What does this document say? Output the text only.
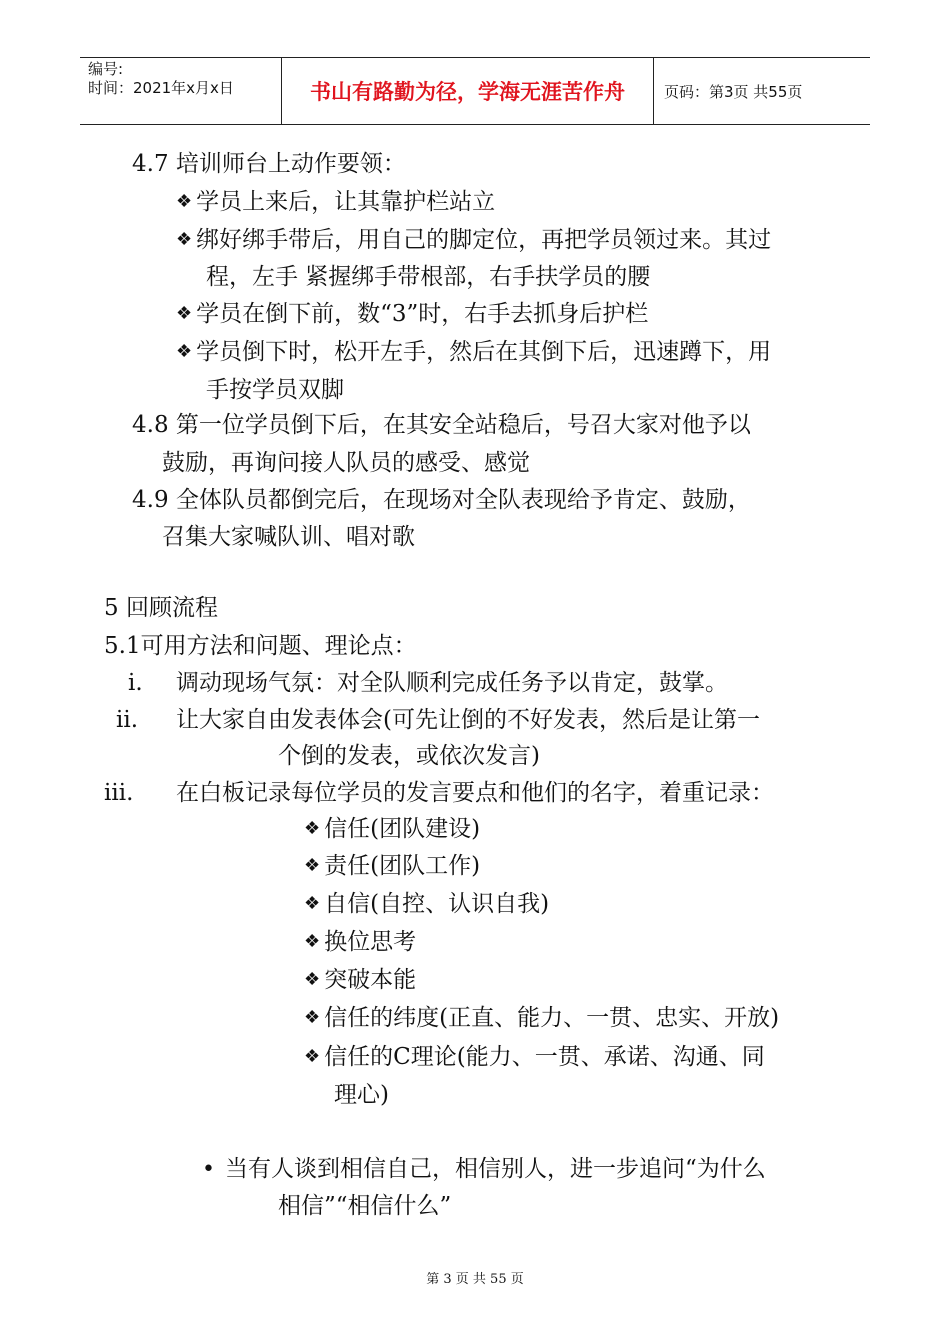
编号:
时间：2021年x月x日	书山有路勤为径，学海无涯苦作舟	页码：第3页 共55页
4.7 培训师台上动作要领：
❖ 学员上来后，让其靠护栏站立
❖ 绑好绑手带后，用自己的脚定位，再把学员领过来。其过
程，左手 紧握绑手带根部，右手扶学员的腰
❖ 学员在倒下前，数“3”时，右手去抓身后护栏
❖ 学员倒下时，松开左手，然后在其倒下后，迅速蹲下，用
手按学员双脚
4.8 第一位学员倒下后，在其安全站稳后，号召大家对他予以
鼓励，再询问接人队员的感受、感觉
4.9 全体队员都倒完后，在现场对全队表现给予肯定、鼓励，
召集大家喊队训、唱对歌
5 回顾流程
5.1可用方法和问题、理论点：
i. 调动现场气氛：对全队顺利完成任务予以肯定，鼓掌。
ii. 让大家自由发表体会(可先让倒的不好发表，然后是让第一
个倒的发表，或依次发言)
iii. 在白板记录每位学员的发言要点和他们的名字，着重记录：
❖ 信任(团队建设)
❖ 责任(团队工作)
❖ 自信(自控、认识自我)
❖ 换位思考
❖ 突破本能
❖ 信任的纬度(正直、能力、一贯、忠实、开放)
❖ 信任的C理论(能力、一贯、承诺、沟通、同
理心)
• 当有人谈到相信自己，相信别人，进一步追问“为什么
相信”“相信什么”
第 3 页 共 55 页
